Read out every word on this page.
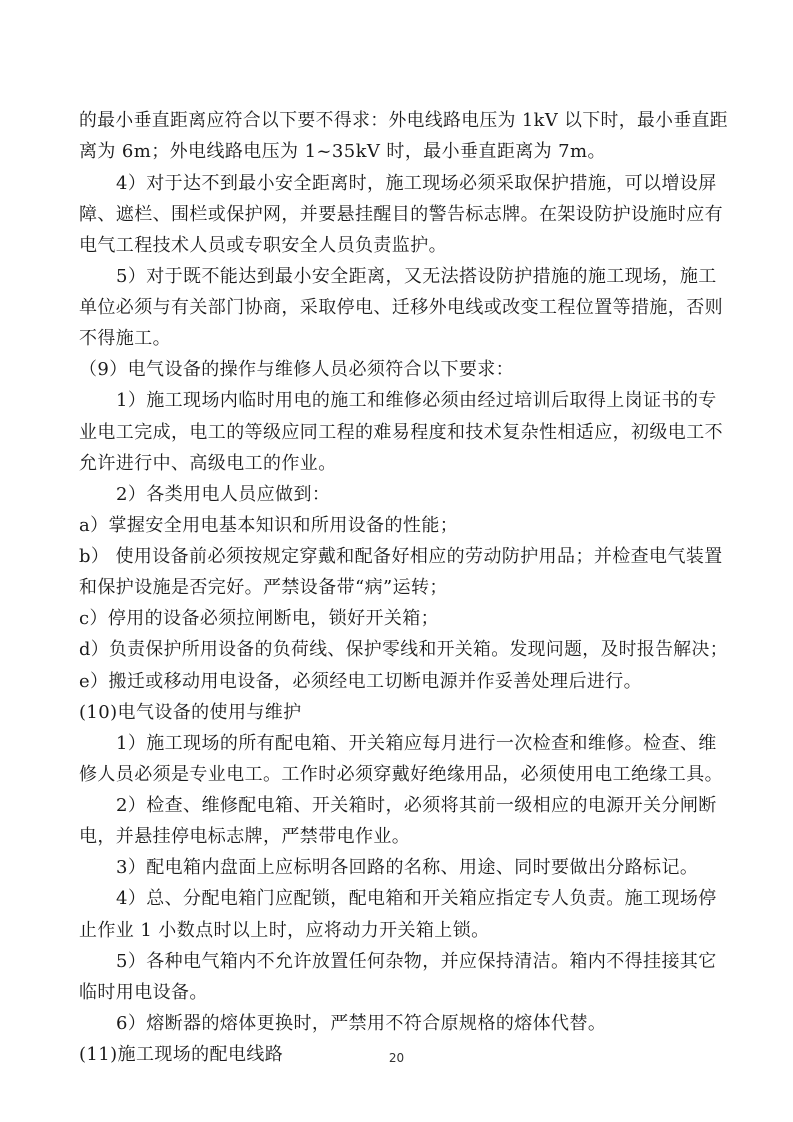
的最小垂直距离应符合以下要不得求：外电线路电压为 1kV 以下时，最小垂直距
离为 6m；外电线路电压为 1~35kV 时，最小垂直距离为 7m。
4）对于达不到最小安全距离时，施工现场必须采取保护措施，可以增设屏
障、遮栏、围栏或保护网，并要悬挂醒目的警告标志牌。在架设防护设施时应有
电气工程技术人员或专职安全人员负责监护。
5）对于既不能达到最小安全距离，又无法搭设防护措施的施工现场，施工
单位必须与有关部门协商，采取停电、迁移外电线或改变工程位置等措施，否则
不得施工。
（9）电气设备的操作与维修人员必须符合以下要求：
1）施工现场内临时用电的施工和维修必须由经过培训后取得上岗证书的专
业电工完成，电工的等级应同工程的难易程度和技术复杂性相适应，初级电工不
允许进行中、高级电工的作业。
2）各类用电人员应做到：
a）掌握安全用电基本知识和所用设备的性能；
b） 使用设备前必须按规定穿戴和配备好相应的劳动防护用品；并检查电气装置
和保护设施是否完好。严禁设备带“病”运转；
c）停用的设备必须拉闸断电，锁好开关箱；
d）负责保护所用设备的负荷线、保护零线和开关箱。发现问题，及时报告解决；
e）搬迁或移动用电设备，必须经电工切断电源并作妥善处理后进行。
(10)电气设备的使用与维护
1）施工现场的所有配电箱、开关箱应每月进行一次检查和维修。检查、维
修人员必须是专业电工。工作时必须穿戴好绝缘用品，必须使用电工绝缘工具。
2）检查、维修配电箱、开关箱时，必须将其前一级相应的电源开关分闸断
电，并悬挂停电标志牌，严禁带电作业。
3）配电箱内盘面上应标明各回路的名称、用途、同时要做出分路标记。
4）总、分配电箱门应配锁，配电箱和开关箱应指定专人负责。施工现场停
止作业 1 小数点时以上时，应将动力开关箱上锁。
5）各种电气箱内不允许放置任何杂物，并应保持清洁。箱内不得挂接其它
临时用电设备。
6）熔断器的熔体更换时，严禁用不符合原规格的熔体代替。
(11)施工现场的配电线路	20
